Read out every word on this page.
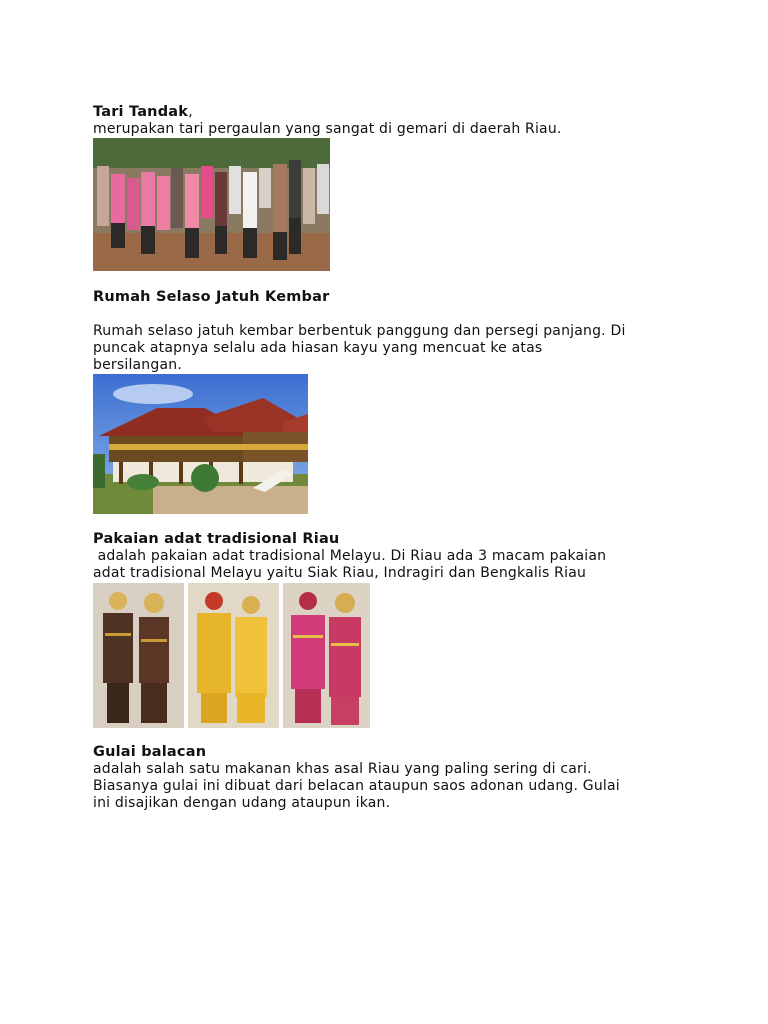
Tari Tandak,
merupakan tari pergaulan yang sangat di gemari di daerah Riau.
Rumah Selaso Jatuh Kembar
Rumah selaso jatuh kembar berbentuk panggung dan persegi panjang. Di
puncak atapnya selalu ada hiasan kayu yang mencuat ke atas
bersilangan.
Pakaian adat tradisional Riau
adalah pakaian adat tradisional Melayu. Di Riau ada 3 macam pakaian
adat tradisional Melayu yaitu Siak Riau, Indragiri dan Bengkalis Riau
Gulai balacan
adalah salah satu makanan khas asal Riau yang paling sering di cari.
Biasanya gulai ini dibuat dari belacan ataupun saos adonan udang. Gulai
ini disajikan dengan udang ataupun ikan.
